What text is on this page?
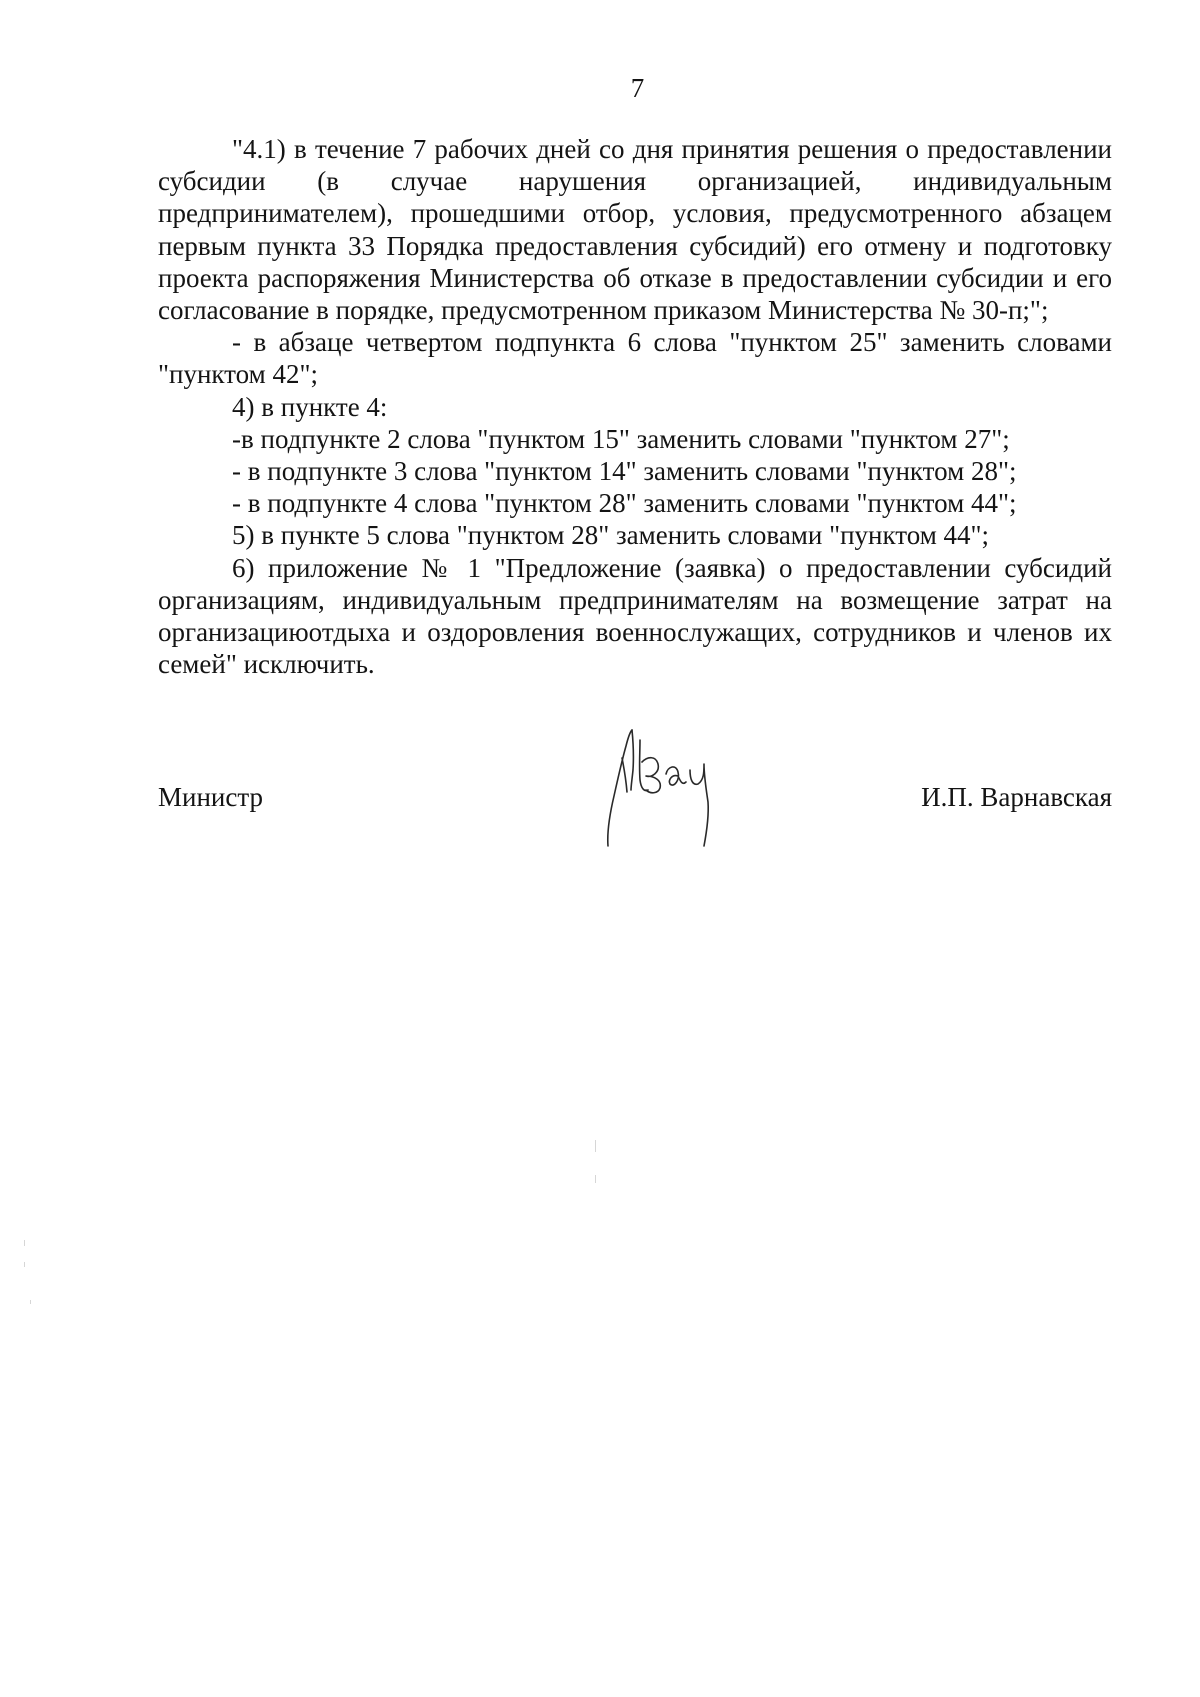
7

"4.1) в течение 7 рабочих дней со дня принятия решения о предоставлении субсидии (в случае нарушения организацией, индивидуальным предпринимателем), прошедшими отбор, условия, предусмотренного абзацем первым пункта 33 Порядка предоставления субсидий) его отмену и подготовку проекта распоряжения Министерства об отказе в предоставлении субсидии и его согласование в порядке, предусмотренном приказом Министерства № 30-п;";

- в абзаце четвертом подпункта 6 слова "пунктом 25" заменить словами "пунктом 42";

4) в пункте 4:

-в подпункте 2 слова "пунктом 15" заменить словами "пунктом 27";

- в подпункте 3 слова "пунктом 14" заменить словами "пунктом 28";

- в подпункте 4 слова "пунктом 28" заменить словами "пунктом 44";

5) в пункте 5 слова "пунктом 28" заменить словами "пунктом 44";

6) приложение № 1 "Предложение (заявка) о предоставлении субсидий организациям, индивидуальным предпринимателям на возмещение затрат на организациюотдыха и оздоровления военнослужащих, сотрудников и членов их семей" исключить.

Министр	И.П. Варнавская
